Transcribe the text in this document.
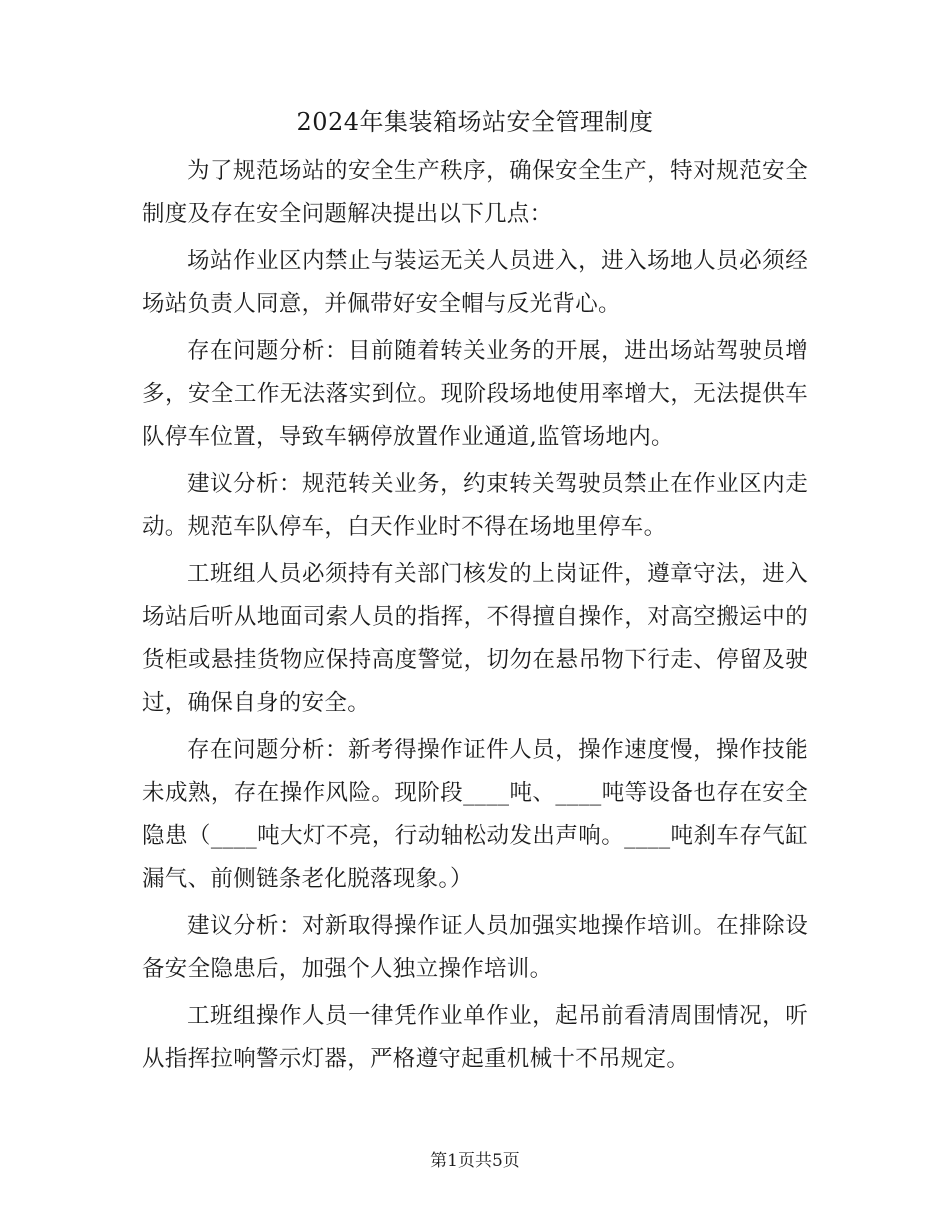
2024年集装箱场站安全管理制度

为了规范场站的安全生产秩序，确保安全生产，特对规范安全制度及存在安全问题解决提出以下几点：

场站作业区内禁止与装运无关人员进入，进入场地人员必须经场站负责人同意，并佩带好安全帽与反光背心。

存在问题分析：目前随着转关业务的开展，进出场站驾驶员增多，安全工作无法落实到位。现阶段场地使用率增大，无法提供车队停车位置，导致车辆停放置作业通道,监管场地内。

建议分析：规范转关业务，约束转关驾驶员禁止在作业区内走动。规范车队停车，白天作业时不得在场地里停车。

工班组人员必须持有关部门核发的上岗证件，遵章守法，进入场站后听从地面司索人员的指挥，不得擅自操作，对高空搬运中的货柜或悬挂货物应保持高度警觉，切勿在悬吊物下行走、停留及驶过，确保自身的安全。

存在问题分析：新考得操作证件人员，操作速度慢，操作技能未成熟，存在操作风险。现阶段____吨、____吨等设备也存在安全隐患（____吨大灯不亮，行动轴松动发出声响。____吨刹车存气缸漏气、前侧链条老化脱落现象。）

建议分析：对新取得操作证人员加强实地操作培训。在排除设备安全隐患后，加强个人独立操作培训。

工班组操作人员一律凭作业单作业，起吊前看清周围情况，听从指挥拉响警示灯器，严格遵守起重机械十不吊规定。

第1页共5页
